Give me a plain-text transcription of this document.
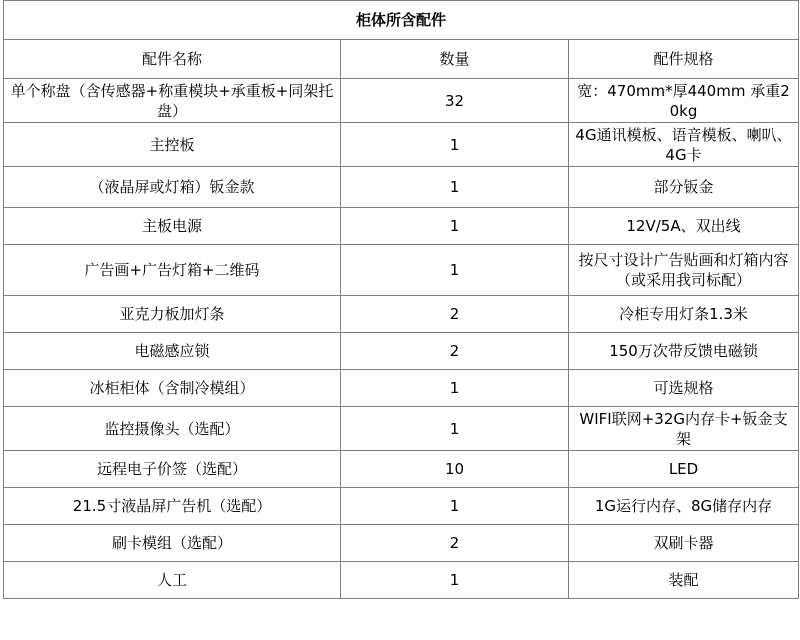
柜体所含配件		
配件名称	数量	配件规格
单个称盘（含传感器+称重模块+承重板+同架托盘）	32	宽：470mm*厚440mm 承重20kg
主控板	1	4G通讯模板、语音模板、喇叭、4G卡
（液晶屏或灯箱）钣金款	1	部分钣金
主板电源	1	12V/5A、双出线
广告画+广告灯箱+二维码	1	按尺寸设计广告贴画和灯箱内容（或采用我司标配）
亚克力板加灯条	2	冷柜专用灯条1.3米
电磁感应锁	2	150万次带反馈电磁锁
冰柜柜体（含制冷模组）	1	可选规格
监控摄像头（选配）	1	WIFI联网+32G内存卡+钣金支架
远程电子价签（选配）	10	LED
21.5寸液晶屏广告机（选配）	1	1G运行内存、8G储存内存
刷卡模组（选配）	2	双刷卡器
人工	1	装配
